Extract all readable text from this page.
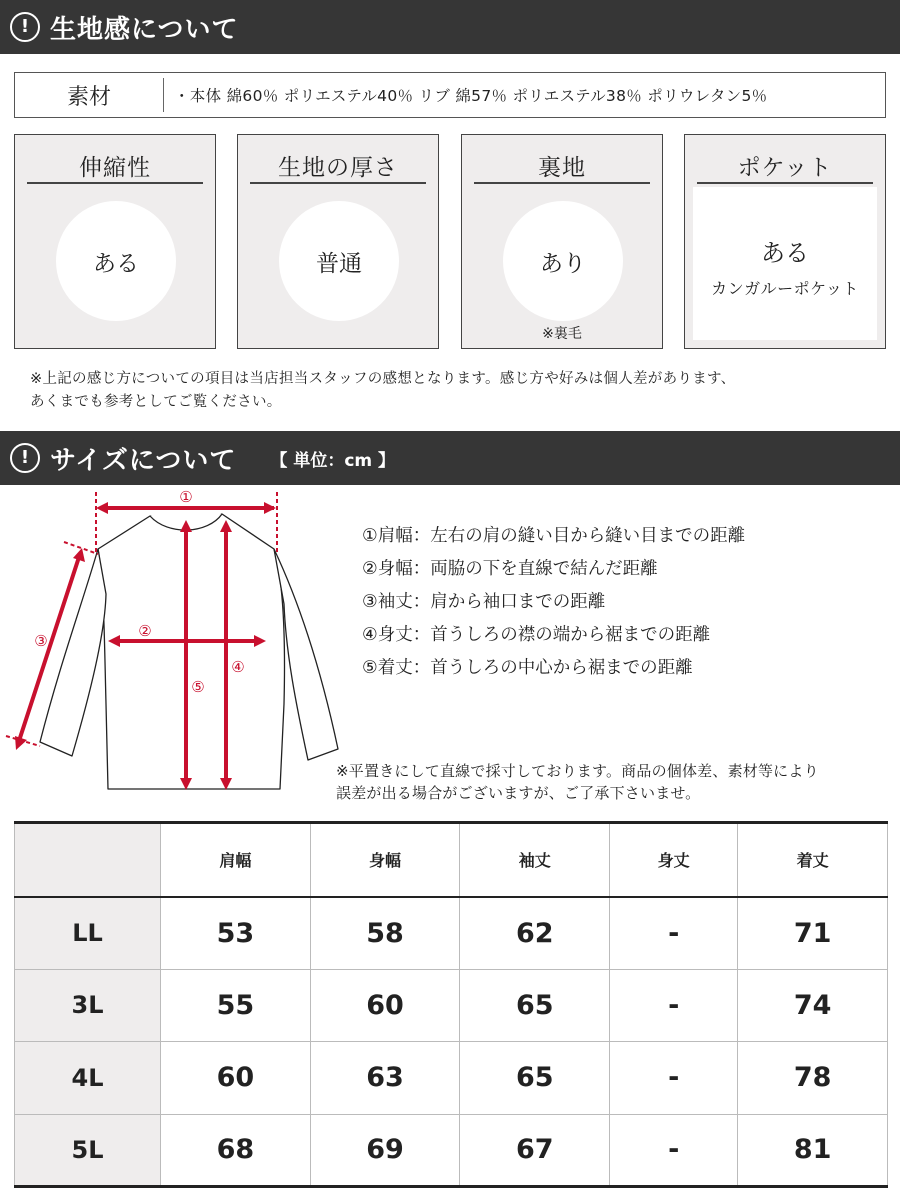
! 生地感について
素材	・本体 綿60％ ポリエステル40％ リブ 綿57％ ポリエステル38％ ポリウレタン5％
伸縮性
ある
生地の厚さ
普通
裏地
あり
※裏毛
ポケット
ある
カンガルーポケット
※上記の感じ方についての項目は当店担当スタッフの感想となります。感じ方や好みは個人差があります、
あくまでも参考としてご覧ください。
! サイズについて 【 単位：cm 】
①
②
③
④
⑤
①肩幅：左右の肩の縫い目から縫い目までの距離
②身幅：両脇の下を直線で結んだ距離
③袖丈：肩から袖口までの距離
④身丈：首うしろの襟の端から裾までの距離
⑤着丈：首うしろの中心から裾までの距離
※平置きにして直線で採寸しております。商品の個体差、素材等により
誤差が出る場合がございますが、ご了承下さいませ。
	肩幅	身幅	袖丈	身丈	着丈
LL	53	58	62	-	71
3L	55	60	65	-	74
4L	60	63	65	-	78
5L	68	69	67	-	81
